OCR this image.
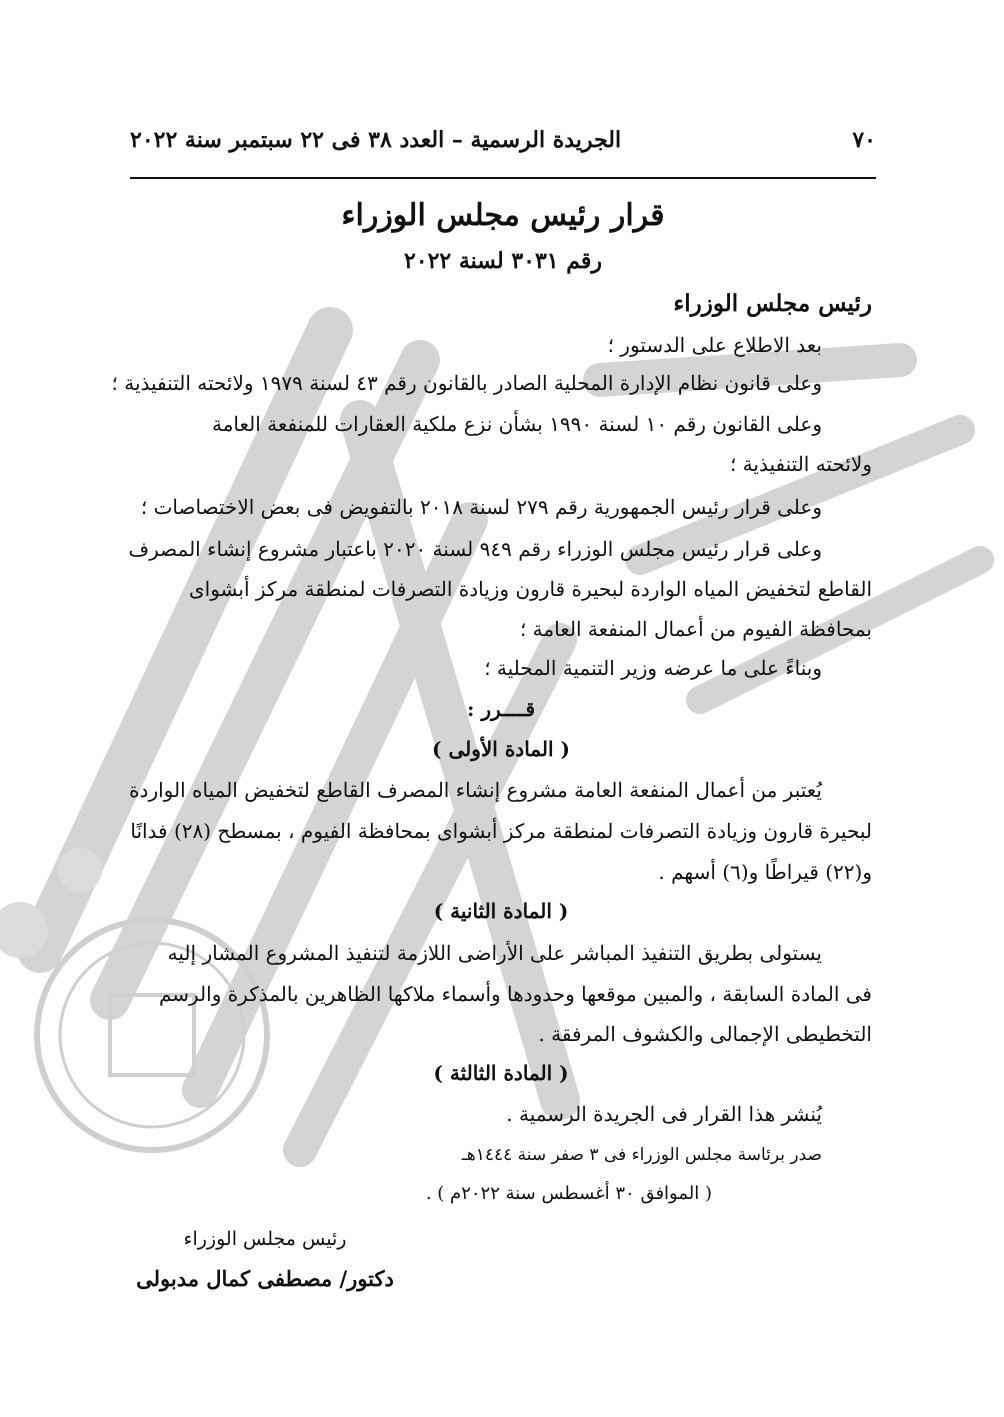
٧٠
الجريدة الرسمية – العدد ٣٨ فى ٢٢ سبتمبر سنة ٢٠٢٢
قرار رئيس مجلس الوزراء
رقم ٣٠٣١ لسنة ٢٠٢٢
رئيس مجلس الوزراء
بعد الاطلاع على الدستور ؛
وعلى قانون نظام الإدارة المحلية الصادر بالقانون رقم ٤٣ لسنة ١٩٧٩ ولائحته التنفيذية ؛
وعلى القانون رقم ١٠ لسنة ١٩٩٠ بشأن نزع ملكية العقارات للمنفعة العامة
ولائحته التنفيذية ؛
وعلى قرار رئيس الجمهورية رقم ٢٧٩ لسنة ٢٠١٨ بالتفويض فى بعض الاختصاصات ؛
وعلى قرار رئيس مجلس الوزراء رقم ٩٤٩ لسنة ٢٠٢٠ باعتبار مشروع إنشاء المصرف
القاطع لتخفيض المياه الواردة لبحيرة قارون وزيادة التصرفات لمنطقة مركز أبشواى
بمحافظة الفيوم من أعمال المنفعة العامة ؛
وبناءً على ما عرضه وزير التنمية المحلية ؛
قــــرر :
( المادة الأولى )
يُعتبر من أعمال المنفعة العامة مشروع إنشاء المصرف القاطع لتخفيض المياه الواردة
لبحيرة قارون وزيادة التصرفات لمنطقة مركز أبشواى بمحافظة الفيوم ، بمسطح (٢٨) فدانًا
و(٢٢) قيراطًا و(٦) أسهم .
( المادة الثانية )
يستولى بطريق التنفيذ المباشر على الأراضى اللازمة لتنفيذ المشروع المشار إليه
فى المادة السابقة ، والمبين موقعها وحدودها وأسماء ملاكها الظاهرين بالمذكرة والرسم
التخطيطى الإجمالى والكشوف المرفقة .
( المادة الثالثة )
يُنشر هذا القرار فى الجريدة الرسمية .
صدر برئاسة مجلس الوزراء فى ٣ صفر سنة ١٤٤٤هـ
( الموافق ٣٠ أغسطس سنة ٢٠٢٢م ) .
رئيس مجلس الوزراء
دكتور/ مصطفى كمال مدبولى
